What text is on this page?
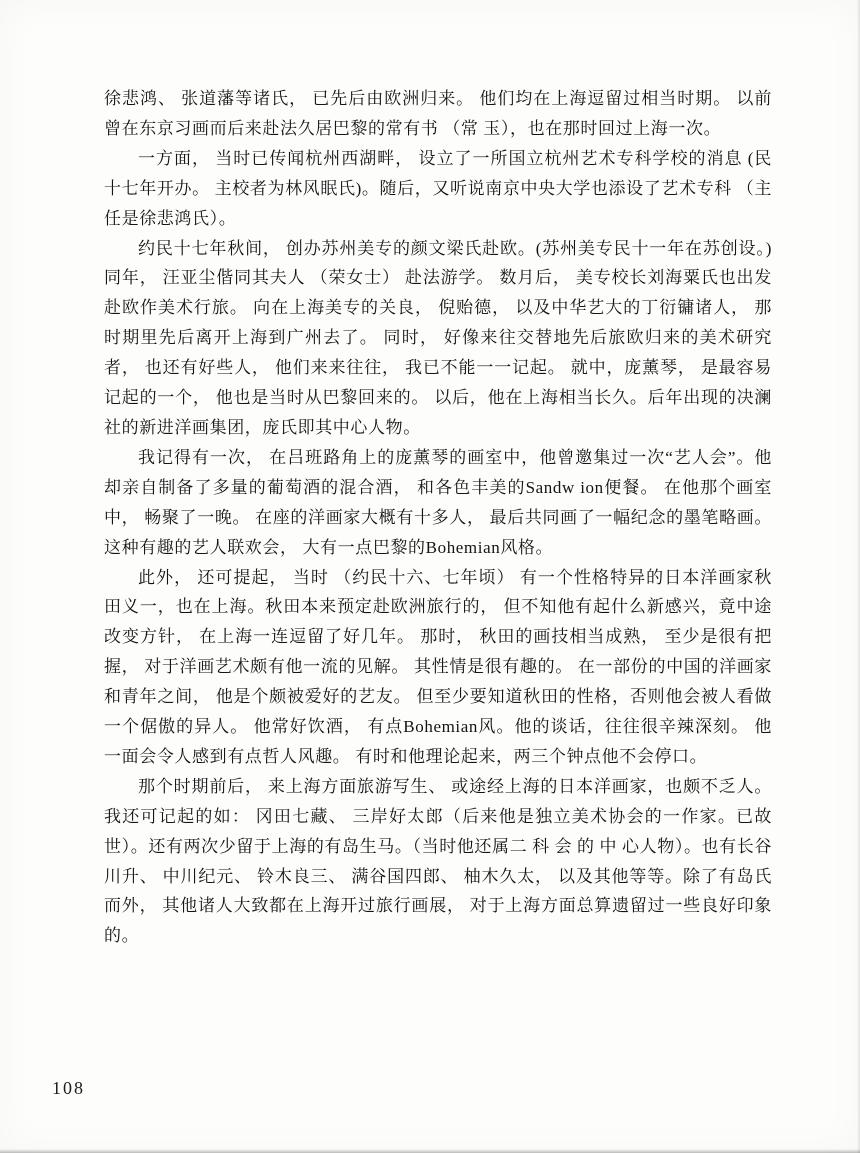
徐悲鸿、 张道藩等诸氏， 已先后由欧洲归来。 他们均在上海逗留过相当时期。 以前曾在东京习画而后来赴法久居巴黎的常有书 （常 玉），也在那时回过上海一次。

一方面， 当时已传闻杭州西湖畔， 设立了一所国立杭州艺术专科学校的消息 (民十七年开办。 主校者为林风眠氏)。随后，又听说南京中央大学也添设了艺术专科 （主任是徐悲鸿氏）。

约民十七年秋间， 创办苏州美专的颜文梁氏赴欧。(苏州美专民十一年在苏创设。)同年， 汪亚尘偕同其夫人 （荣女士） 赴法游学。 数月后， 美专校长刘海粟氏也出发赴欧作美术行旅。 向在上海美专的关良， 倪贻德， 以及中华艺大的丁衍镛诸人， 那时期里先后离开上海到广州去了。 同时， 好像来往交替地先后旅欧归来的美术研究者， 也还有好些人， 他们来来往往， 我已不能一一记起。 就中，庞薰琴， 是最容易记起的一个， 他也是当时从巴黎回来的。 以后，他在上海相当长久。后年出现的决澜社的新进洋画集团，庞氏即其中心人物。

我记得有一次， 在吕班路角上的庞薰琴的画室中，他曾邀集过一次“艺人会”。他却亲自制备了多量的葡萄酒的混合酒， 和各色丰美的Sandw ion便餐。 在他那个画室中， 畅聚了一晚。 在座的洋画家大概有十多人， 最后共同画了一幅纪念的墨笔略画。 这种有趣的艺人联欢会， 大有一点巴黎的Bohemian风格。

此外， 还可提起， 当时 （约民十六、七年顷） 有一个性格特异的日本洋画家秋田义一，也在上海。秋田本来预定赴欧洲旅行的， 但不知他有起什么新感兴，竟中途改变方针， 在上海一连逗留了好几年。 那时， 秋田的画技相当成熟， 至少是很有把握， 对于洋画艺术颇有他一流的见解。 其性情是很有趣的。 在一部份的中国的洋画家和青年之间， 他是个颇被爱好的艺友。 但至少要知道秋田的性格，否则他会被人看做一个倨傲的异人。 他常好饮酒， 有点Bohemian风。他的谈话，往往很辛辣深刻。 他一面会令人感到有点哲人风趣。 有时和他理论起来，两三个钟点他不会停口。

那个时期前后， 来上海方面旅游写生、 或途经上海的日本洋画家，也颇不乏人。 我还可记起的如： 冈田七藏、 三岸好太郎（后来他是独立美术协会的一作家。已故世）。还有两次少留于上海的有岛生马。（当时他还属二 科 会 的 中 心人物）。也有长谷川升、 中川纪元、 铃木良三、 满谷国四郎、 柚木久太， 以及其他等等。除了有岛氏而外， 其他诸人大致都在上海开过旅行画展， 对于上海方面总算遗留过一些良好印象的。

108
